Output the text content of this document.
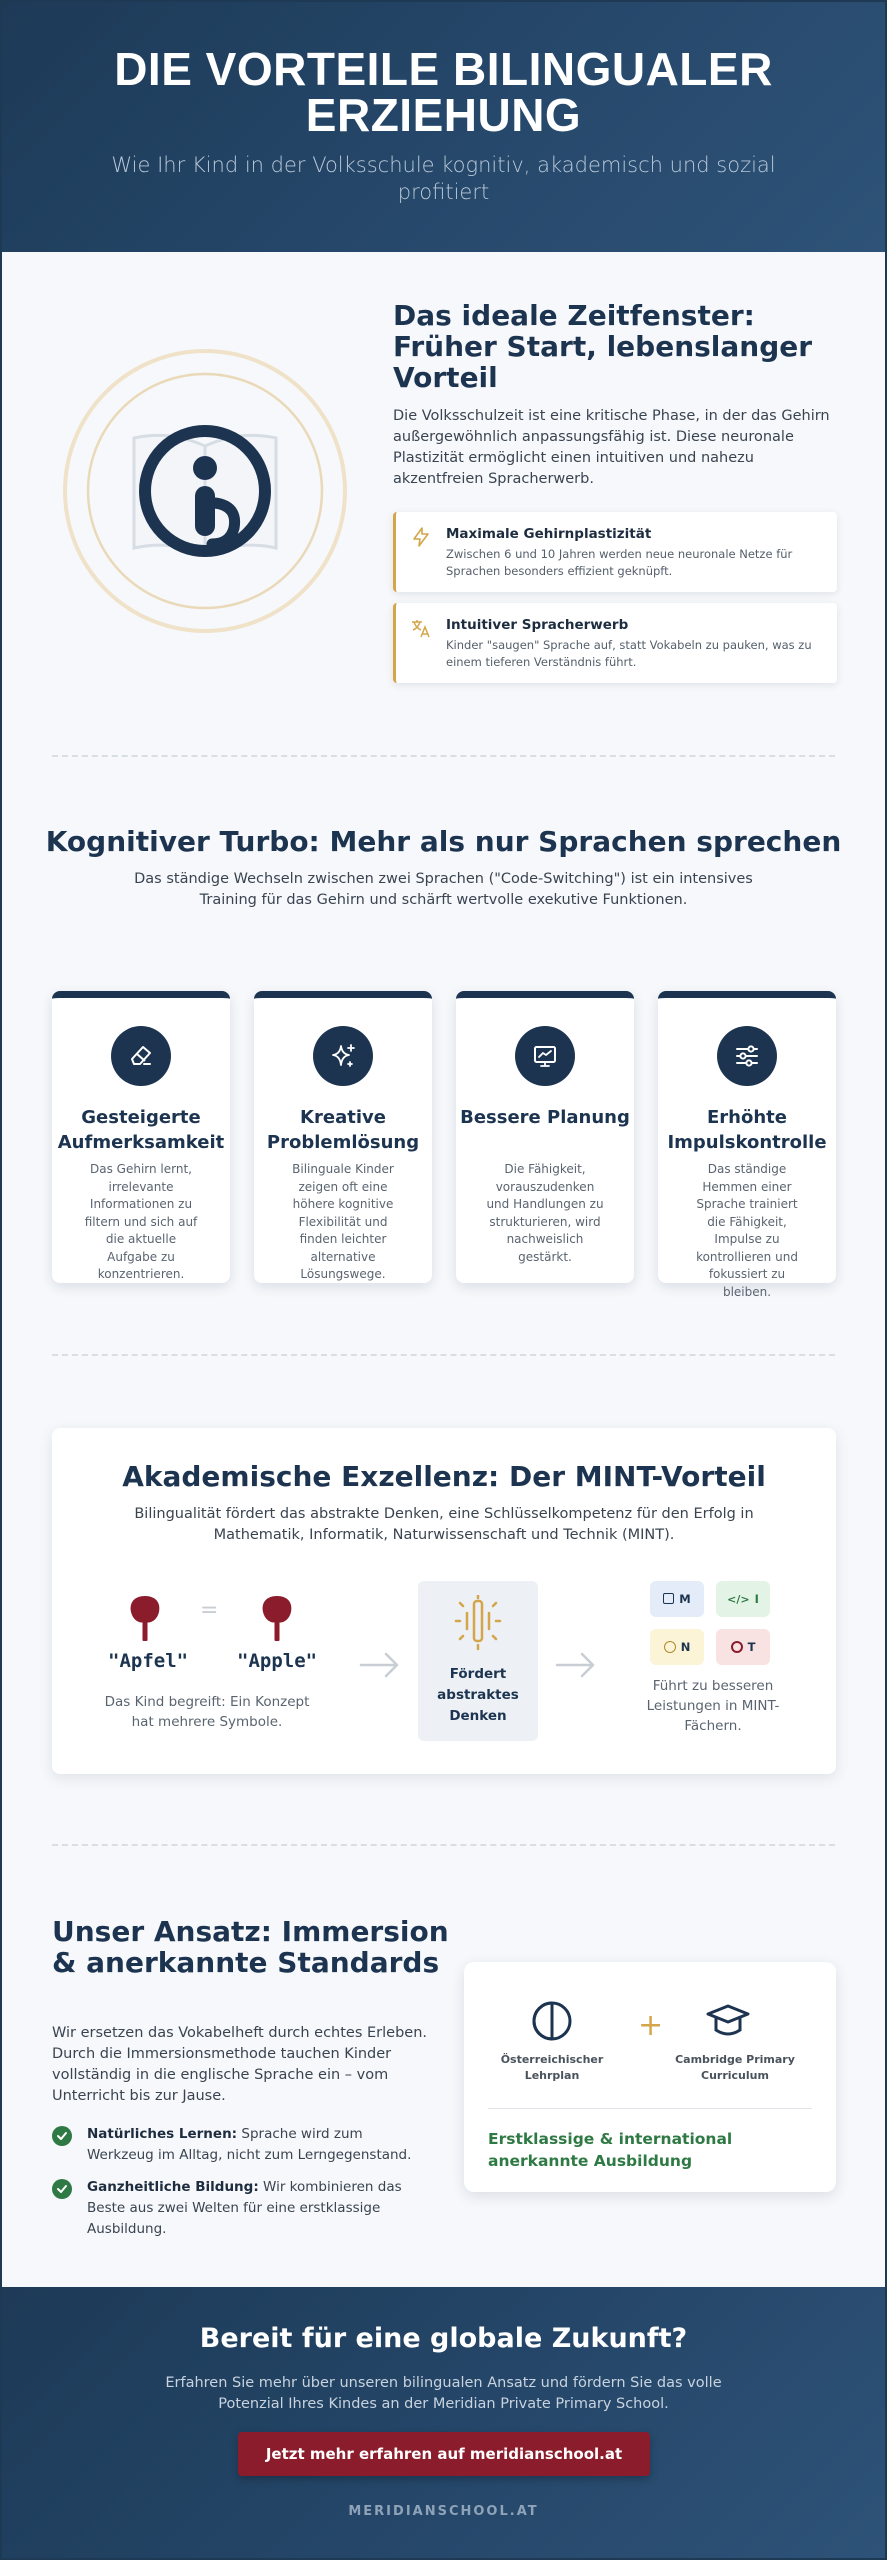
DIE VORTEILE BILINGUALER ERZIEHUNG

Wie Ihr Kind in der Volksschule kognitiv, akademisch und sozial profitiert

Das ideale Zeitfenster: Früher Start, lebenslanger Vorteil

Die Volksschulzeit ist eine kritische Phase, in der das Gehirn außergewöhnlich anpassungsfähig ist. Diese neuronale Plastizität ermöglicht einen intuitiven und nahezu akzentfreien Spracherwerb.

Maximale Gehirnplastizität
Zwischen 6 und 10 Jahren werden neue neuronale Netze für Sprachen besonders effizient geknüpft.
Intuitiver Spracherwerb
Kinder "saugen" Sprache auf, statt Vokabeln zu pauken, was zu einem tieferen Verständnis führt.
Kognitiver Turbo: Mehr als nur Sprachen sprechen

Das ständige Wechseln zwischen zwei Sprachen ("Code-Switching") ist ein intensives Training für das Gehirn und schärft wertvolle exekutive Funktionen.

Gesteigerte Aufmerksamkeit
Das Gehirn lernt, irrelevante Informationen zu filtern und sich auf die aktuelle Aufgabe zu konzentrieren.
Kreative Problemlösung
Bilinguale Kinder zeigen oft eine höhere kognitive Flexibilität und finden leichter alternative Lösungswege.
Bessere Planung
Die Fähigkeit, vorauszudenken und Handlungen zu strukturieren, wird nachweislich gestärkt.
Erhöhte Impulskontrolle
Das ständige Hemmen einer Sprache trainiert die Fähigkeit, Impulse zu kontrollieren und fokussiert zu bleiben.
Akademische Exzellenz: Der MINT-Vorteil

Bilingualität fördert das abstrakte Denken, eine Schlüsselkompetenz für den Erfolg in Mathematik, Informatik, Naturwissenschaft und Technik (MINT).

=
"Apfel"	"Apple"
Das Kind begreift: Ein Konzept hat mehrere Symbole.
Fördert abstraktes Denken
M	</> I
N	T
Führt zu besseren Leistungen in MINT-Fächern.
Unser Ansatz: Immersion & anerkannte Standards

Wir ersetzen das Vokabelheft durch echtes Erleben. Durch die Immersionsmethode tauchen Kinder vollständig in die englische Sprache ein – vom Unterricht bis zur Jause.

Natürliches Lernen: Sprache wird zum Werkzeug im Alltag, nicht zum Lerngegenstand.
Ganzheitliche Bildung: Wir kombinieren das Beste aus zwei Welten für eine erstklassige Ausbildung.
Österreichischer Lehrplan
+
Cambridge Primary Curriculum
Erstklassige & international anerkannte Ausbildung
Bereit für eine globale Zukunft?

Erfahren Sie mehr über unseren bilingualen Ansatz und fördern Sie das volle Potenzial Ihres Kindes an der Meridian Private Primary School.

Jetzt mehr erfahren auf meridianschool.at
MERIDIANSCHOOL.AT
